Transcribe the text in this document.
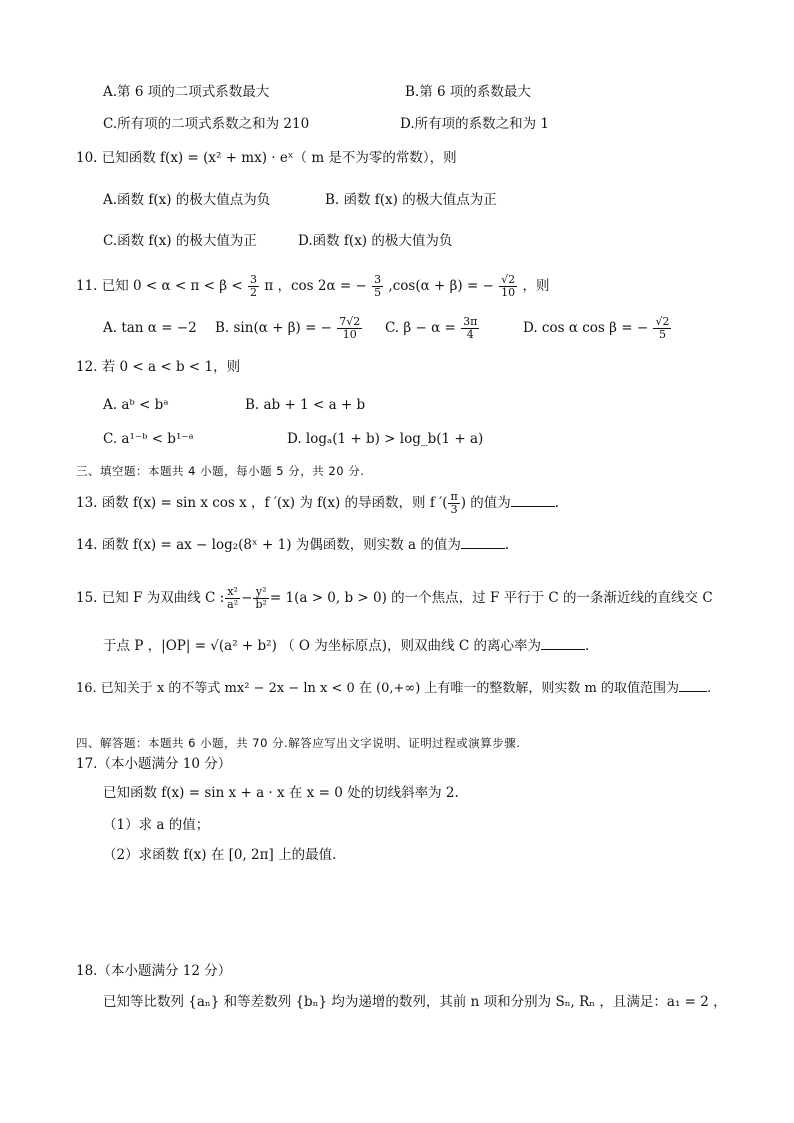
A.第 6 项的二项式系数最大	B.第 6 项的系数最大
C.所有项的二项式系数之和为 210	D.所有项的系数之和为 1
10. 已知函数 f(x) = (x² + mx) · eˣ（ m 是不为零的常数），则
A.函数 f(x) 的极大值点为负	B. 函数 f(x) 的极大值点为正
C.函数 f(x) 的极大值为正	D.函数 f(x) 的极大值为负
11. 已知 $0 < \alpha < \pi < \beta < \frac{3}{2}$ π ，cos 2α = − $\frac{3}{5} ,\cos(\alpha + \beta)$ = − $\frac{√2}{10}$ ，则
A. tan α = −2 B. sin(α + β) = − $\frac{7√2}{10} C$. $\beta - \alpha = \frac{3\pi}{4}$	D. cos α cos β = − $\frac{√2}{5}$
12. 若 0 < a < b < 1，则
A. aᵇ < bᵃ	B. ab + 1 < a + b
C. a¹⁻ᵇ < b¹⁻ᵃ	D. logₐ(1 + b) > log_b(1 + a)
三、填空题：本题共 4 小题，每小题 5 分，共 20 分.
13. 函数 f(x) = sin x cos x ，f ′(x) 为 f(x) 的导函数，则 f ′( $\frac{\pi}{3}$ ) 的值为	.
14. 函数 f(x) = ax − log₂(8ˣ + 1) 为偶函数，则实数 a 的值为	.
15. 已知 F 为双曲线 C : $\frac{\text{x²}}{\text{a²}} - \frac{\text{y²}}{\text{b²}} = 1(a > 0$, b > 0) 的一个焦点，过 F 平行于 C 的一条渐近线的直线交 C
于点 P ，|OP| = √(a² + b²) （ O 为坐标原点)，则双曲线 C 的离心率为	.
16. 已知关于 x 的不等式 mx² − 2x − ln x < 0 在 (0,+∞) 上有唯一的整数解，则实数 m 的取值范围为 .
四、解答题：本题共 6 小题，共 70 分.解答应写出文字说明、证明过程或演算步骤.
17.（本小题满分 10 分）
已知函数 f(x) = sin x + a · x 在 x = 0 处的切线斜率为 2.
（1）求 a 的值；
（2）求函数 f(x) 在 [0, 2π] 上的最值.
18.（本小题满分 12 分）
已知等比数列 {aₙ} 和等差数列 {bₙ} 均为递增的数列，其前 n 项和分别为 Sₙ, Rₙ ，且满足：a₁ = 2 ，
